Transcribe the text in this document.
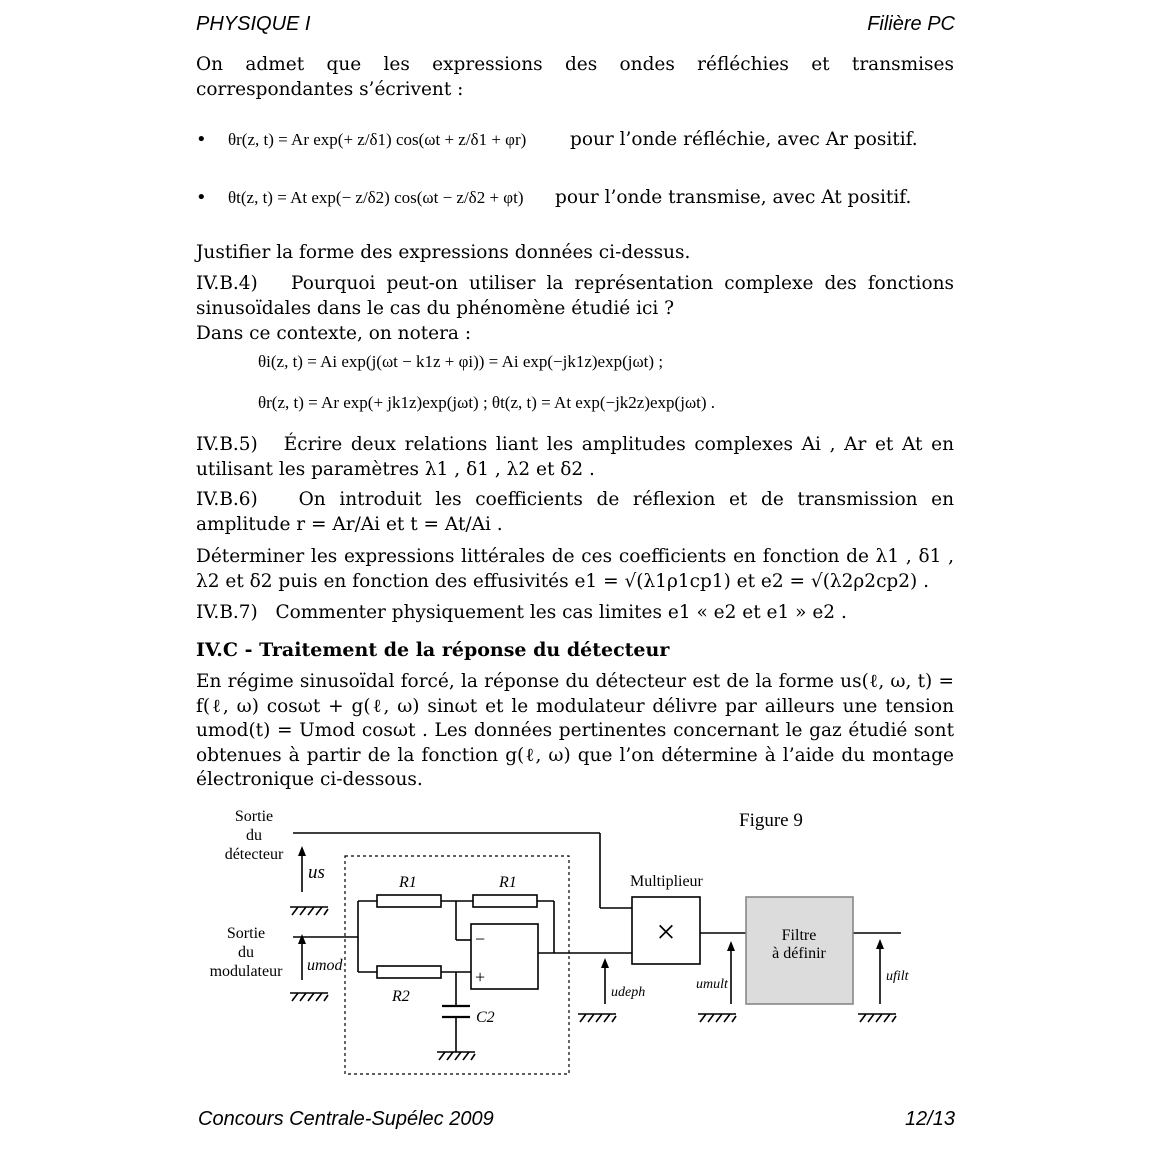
PHYSIQUE I	Filière PC

On admet que les expressions des ondes réfléchies et transmises correspondantes s’écrivent :

• θr(z, t) = Ar exp(+ z/δ1) cos(ωt + z/δ1 + φr) pour l’onde réfléchie, avec Ar positif.
• θt(z, t) = At exp(− z/δ2) cos(ωt − z/δ2 + φt) pour l’onde transmise, avec At positif.
Justifier la forme des expressions données ci-dessus.

IV.B.4) Pourquoi peut-on utiliser la représentation complexe des fonctions sinusoïdales dans le cas du phénomène étudié ici ?

Dans ce contexte, on notera :
θi(z, t) = Ai exp(j(ωt − k1z + φi)) = Ai exp(−jk1z)exp(jωt) ;
θr(z, t) = Ar exp(+ jk1z)exp(jωt) ; θt(z, t) = At exp(−jk2z)exp(jωt) .

IV.B.5) Écrire deux relations liant les amplitudes complexes Ai , Ar et At en utilisant les paramètres λ1 , δ1 , λ2 et δ2 .

IV.B.6) On introduit les coefficients de réflexion et de transmission en amplitude r = Ar/Ai et t = At/Ai .

Déterminer les expressions littérales de ces coefficients en fonction de λ1 , δ1 , λ2 et δ2 puis en fonction des effusivités e1 = √(λ1ρ1cp1) et e2 = √(λ2ρ2cp2) .

IV.B.7) Commenter physiquement les cas limites e1 « e2 et e1 » e2 .
IV.C - Traitement de la réponse du détecteur

En régime sinusoïdal forcé, la réponse du détecteur est de la forme us(ℓ, ω, t) = f(ℓ, ω) cosωt + g(ℓ, ω) sinωt et le modulateur délivre par ailleurs une tension umod(t) = Umod cosωt . Les données pertinentes concernant le gaz étudié sont obtenues à partir de la fonction g(ℓ, ω) que l’on détermine à l’aide du montage électronique ci-dessous.

Figure 9
Sortie
du
détecteur
Sortie
du
modulateur
us
umod
R1	R1
R2
C2
−
+
udeph
Multiplieur
×
umult
Filtre
à définir
ufilt
Concours Centrale-Supélec 2009	12/13
